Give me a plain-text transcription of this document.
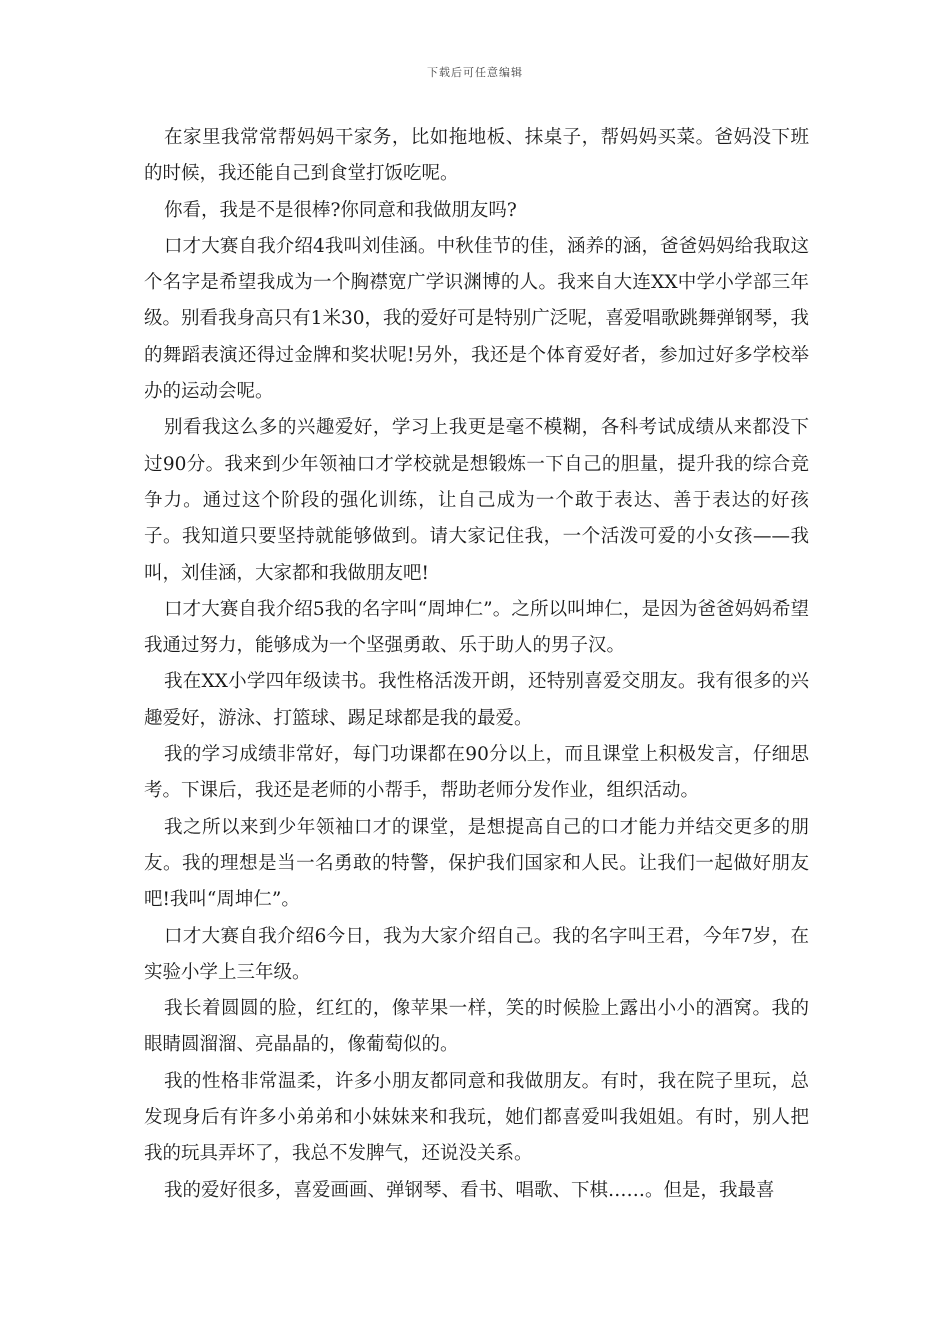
下载后可任意编辑

在家里我常常帮妈妈干家务，比如拖地板、抹桌子，帮妈妈买菜。爸妈没下班的时候，我还能自己到食堂打饭吃呢。

你看，我是不是很棒?你同意和我做朋友吗?

口才大赛自我介绍4我叫刘佳涵。中秋佳节的佳，涵养的涵，爸爸妈妈给我取这个名字是希望我成为一个胸襟宽广学识渊博的人。我来自大连XX中学小学部三年级。别看我身高只有1米30，我的爱好可是特别广泛呢，喜爱唱歌跳舞弹钢琴，我的舞蹈表演还得过金牌和奖状呢!另外，我还是个体育爱好者，参加过好多学校举办的运动会呢。

别看我这么多的兴趣爱好，学习上我更是毫不模糊，各科考试成绩从来都没下过90分。我来到少年领袖口才学校就是想锻炼一下自己的胆量，提升我的综合竞争力。通过这个阶段的强化训练，让自己成为一个敢于表达、善于表达的好孩子。我知道只要坚持就能够做到。请大家记住我，一个活泼可爱的小女孩——我叫，刘佳涵，大家都和我做朋友吧!

口才大赛自我介绍5我的名字叫“周坤仁”。之所以叫坤仁，是因为爸爸妈妈希望我通过努力，能够成为一个坚强勇敢、乐于助人的男子汉。

我在XX小学四年级读书。我性格活泼开朗，还特别喜爱交朋友。我有很多的兴趣爱好，游泳、打篮球、踢足球都是我的最爱。

我的学习成绩非常好，每门功课都在90分以上，而且课堂上积极发言，仔细思考。下课后，我还是老师的小帮手，帮助老师分发作业，组织活动。

我之所以来到少年领袖口才的课堂，是想提高自己的口才能力并结交更多的朋友。我的理想是当一名勇敢的特警，保护我们国家和人民。让我们一起做好朋友吧!我叫“周坤仁”。

口才大赛自我介绍6今日，我为大家介绍自己。我的名字叫王君，今年7岁，在实验小学上三年级。

我长着圆圆的脸，红红的，像苹果一样，笑的时候脸上露出小小的酒窝。我的眼睛圆溜溜、亮晶晶的，像葡萄似的。

我的性格非常温柔，许多小朋友都同意和我做朋友。有时，我在院子里玩，总发现身后有许多小弟弟和小妹妹来和我玩，她们都喜爱叫我姐姐。有时，别人把我的玩具弄坏了，我总不发脾气，还说没关系。

我的爱好很多，喜爱画画、弹钢琴、看书、唱歌、下棋……。但是，我最喜
